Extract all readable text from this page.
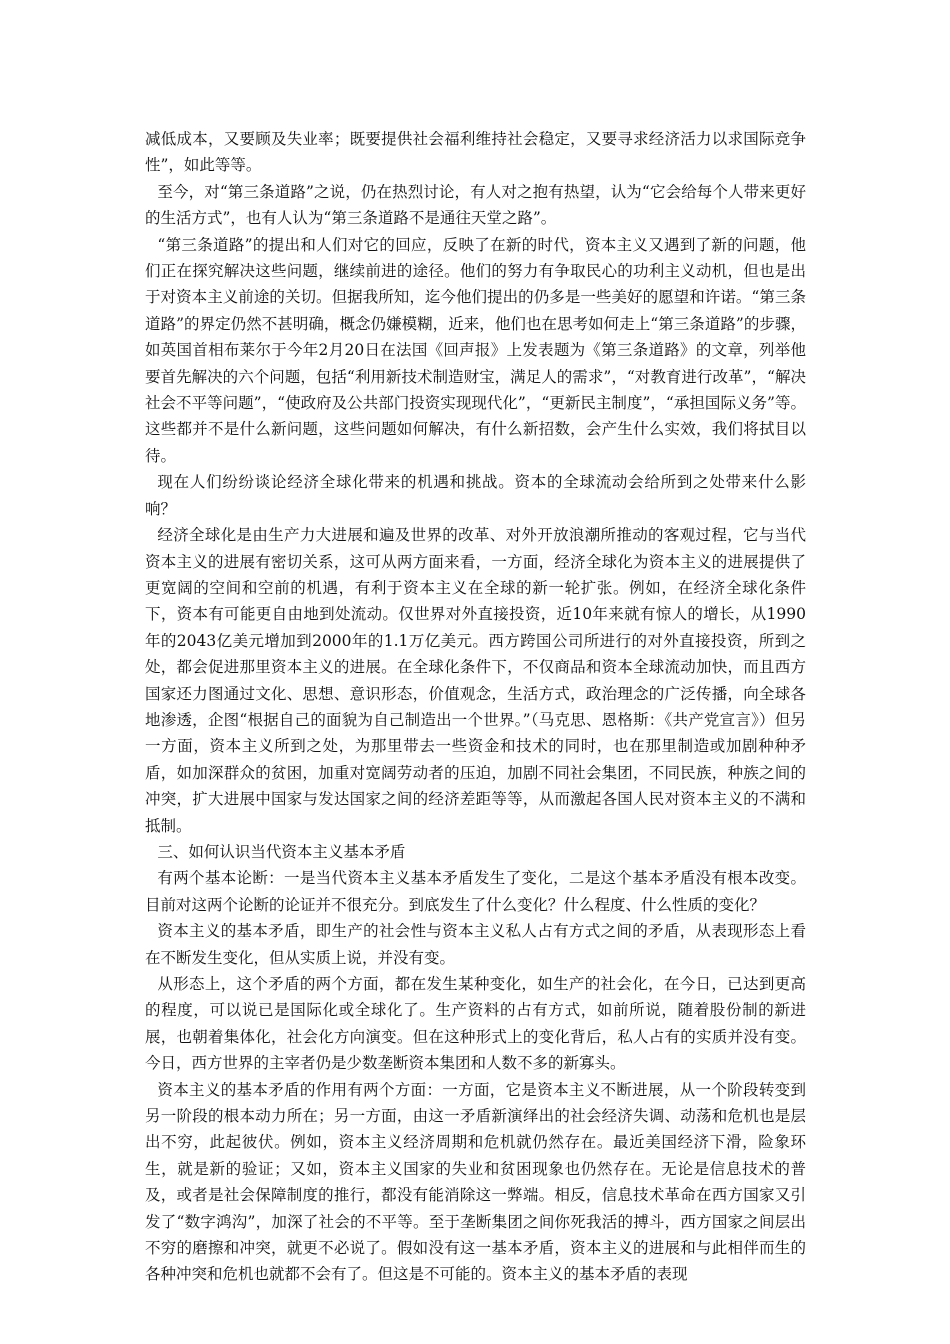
减低成本，又要顾及失业率；既要提供社会福利维持社会稳定，又要寻求经济活力以求国际竞争性”，如此等等。

至今，对“第三条道路”之说，仍在热烈讨论，有人对之抱有热望，认为“它会给每个人带来更好的生活方式”，也有人认为“第三条道路不是通往天堂之路”。

“第三条道路”的提出和人们对它的回应，反映了在新的时代，资本主义又遇到了新的问题，他们正在探究解决这些问题，继续前进的途径。他们的努力有争取民心的功利主义动机，但也是出于对资本主义前途的关切。但据我所知，迄今他们提出的仍多是一些美好的愿望和许诺。“第三条道路”的界定仍然不甚明确，概念仍嫌模糊，近来，他们也在思考如何走上“第三条道路”的步骤，如英国首相布莱尔于今年2月20日在法国《回声报》上发表题为《第三条道路》的文章，列举他要首先解决的六个问题，包括“利用新技术制造财宝，满足人的需求”，“对教育进行改革”，“解决社会不平等问题”，“使政府及公共部门投资实现现代化”，“更新民主制度”，“承担国际义务”等。这些都并不是什么新问题，这些问题如何解决，有什么新招数，会产生什么实效，我们将拭目以待。

现在人们纷纷谈论经济全球化带来的机遇和挑战。资本的全球流动会给所到之处带来什么影响？

经济全球化是由生产力大进展和遍及世界的改革、对外开放浪潮所推动的客观过程，它与当代资本主义的进展有密切关系，这可从两方面来看，一方面，经济全球化为资本主义的进展提供了更宽阔的空间和空前的机遇，有利于资本主义在全球的新一轮扩张。例如，在经济全球化条件下，资本有可能更自由地到处流动。仅世界对外直接投资，近10年来就有惊人的增长，从1990年的2043亿美元增加到2000年的1.1万亿美元。西方跨国公司所进行的对外直接投资，所到之处，都会促进那里资本主义的进展。在全球化条件下，不仅商品和资本全球流动加快，而且西方国家还力图通过文化、思想、意识形态，价值观念，生活方式，政治理念的广泛传播，向全球各地渗透，企图“根据自己的面貌为自己制造出一个世界。”（马克思、恩格斯：《共产党宣言》）但另一方面，资本主义所到之处，为那里带去一些资金和技术的同时，也在那里制造或加剧种种矛盾，如加深群众的贫困，加重对宽阔劳动者的压迫，加剧不同社会集团，不同民族，种族之间的冲突，扩大进展中国家与发达国家之间的经济差距等等，从而激起各国人民对资本主义的不满和抵制。

三、如何认识当代资本主义基本矛盾

有两个基本论断：一是当代资本主义基本矛盾发生了变化，二是这个基本矛盾没有根本改变。目前对这两个论断的论证并不很充分。到底发生了什么变化？什么程度、什么性质的变化？

资本主义的基本矛盾，即生产的社会性与资本主义私人占有方式之间的矛盾，从表现形态上看在不断发生变化，但从实质上说，并没有变。

从形态上，这个矛盾的两个方面，都在发生某种变化，如生产的社会化，在今日，已达到更高的程度，可以说已是国际化或全球化了。生产资料的占有方式，如前所说，随着股份制的新进展，也朝着集体化，社会化方向演变。但在这种形式上的变化背后，私人占有的实质并没有变。今日，西方世界的主宰者仍是少数垄断资本集团和人数不多的新寡头。

资本主义的基本矛盾的作用有两个方面：一方面，它是资本主义不断进展，从一个阶段转变到另一阶段的根本动力所在；另一方面，由这一矛盾新演绎出的社会经济失调、动荡和危机也是层出不穷，此起彼伏。例如，资本主义经济周期和危机就仍然存在。最近美国经济下滑，险象环生，就是新的验证；又如，资本主义国家的失业和贫困现象也仍然存在。无论是信息技术的普及，或者是社会保障制度的推行，都没有能消除这一弊端。相反，信息技术革命在西方国家又引发了“数字鸿沟”，加深了社会的不平等。至于垄断集团之间你死我活的搏斗，西方国家之间层出不穷的磨擦和冲突，就更不必说了。假如没有这一基本矛盾，资本主义的进展和与此相伴而生的各种冲突和危机也就都不会有了。但这是不可能的。资本主义的基本矛盾的表现
